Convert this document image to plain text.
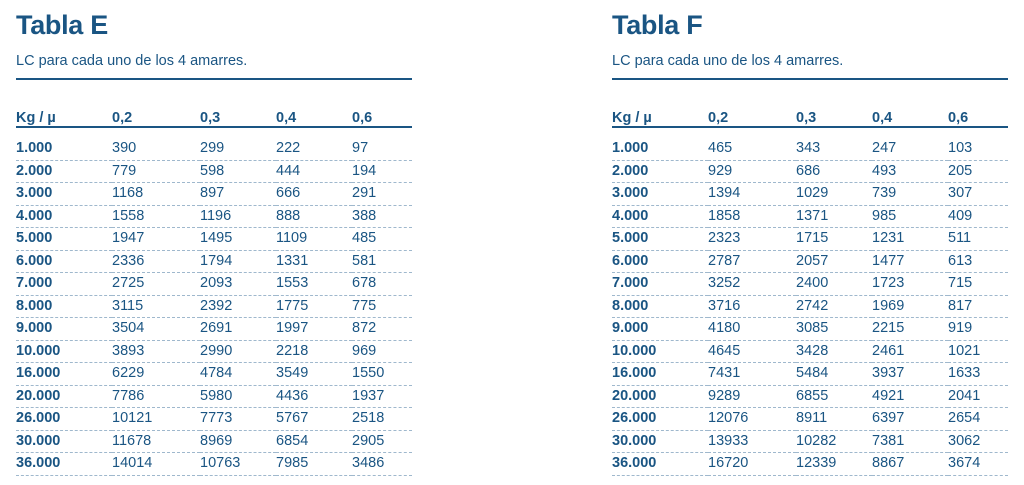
Tabla E
LC para cada uno de los 4 amarres.
Kg / µ	0,2	0,3	0,4	0,6

1.000	390	299	222	97
2.000	779	598	444	194
3.000	1168	897	666	291
4.000	1558	1196	888	388
5.000	1947	1495	1109	485
6.000	2336	1794	1331	581
7.000	2725	2093	1553	678
8.000	3115	2392	1775	775
9.000	3504	2691	1997	872
10.000	3893	2990	2218	969
16.000	6229	4784	3549	1550
20.000	7786	5980	4436	1937
26.000	10121	7773	5767	2518
30.000	11678	8969	6854	2905
36.000	14014	10763	7985	3486
Tabla F
LC para cada uno de los 4 amarres.
Kg / µ	0,2	0,3	0,4	0,6

1.000	465	343	247	103
2.000	929	686	493	205
3.000	1394	1029	739	307
4.000	1858	1371	985	409
5.000	2323	1715	1231	511
6.000	2787	2057	1477	613
7.000	3252	2400	1723	715
8.000	3716	2742	1969	817
9.000	4180	3085	2215	919
10.000	4645	3428	2461	1021
16.000	7431	5484	3937	1633
20.000	9289	6855	4921	2041
26.000	12076	8911	6397	2654
30.000	13933	10282	7381	3062
36.000	16720	12339	8867	3674
